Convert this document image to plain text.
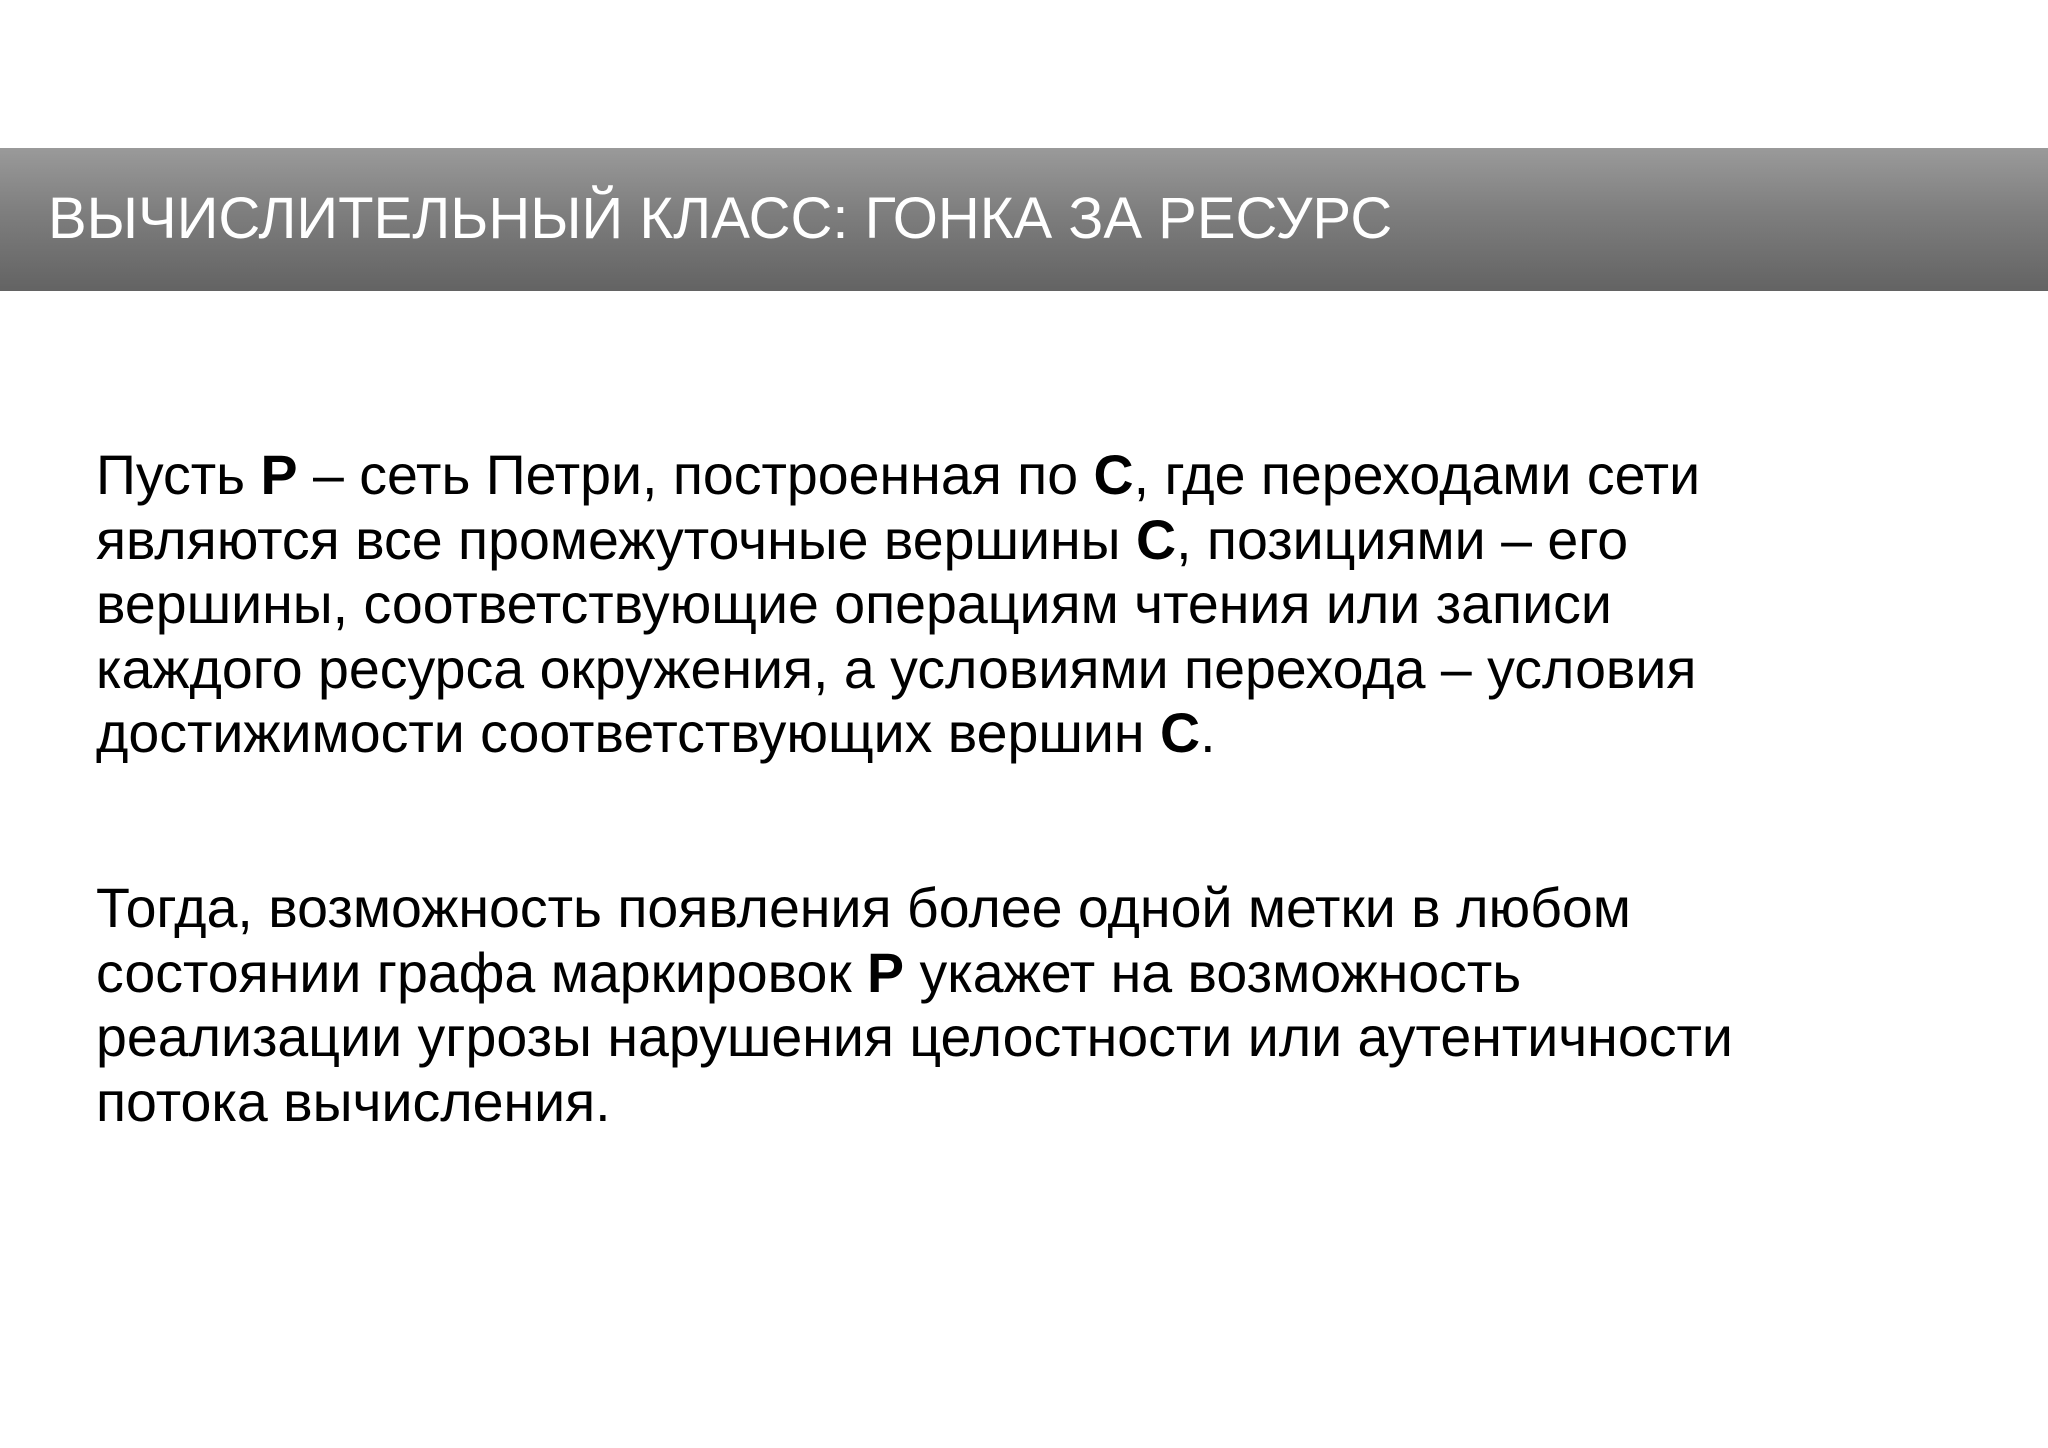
ВЫЧИСЛИТЕЛЬНЫЙ КЛАСС: ГОНКА ЗА РЕСУРС

Пусть P – сеть Петри, построенная по C, где переходами сети
являются все промежуточные вершины C, позициями – его
вершины, соответствующие операциям чтения или записи
каждого ресурса окружения, а условиями перехода – условия
достижимости соответствующих вершин C.

Тогда, возможность появления более одной метки в любом
состоянии графа маркировок P укажет на возможность
реализации угрозы нарушения целостности или аутентичности
потока вычисления.
